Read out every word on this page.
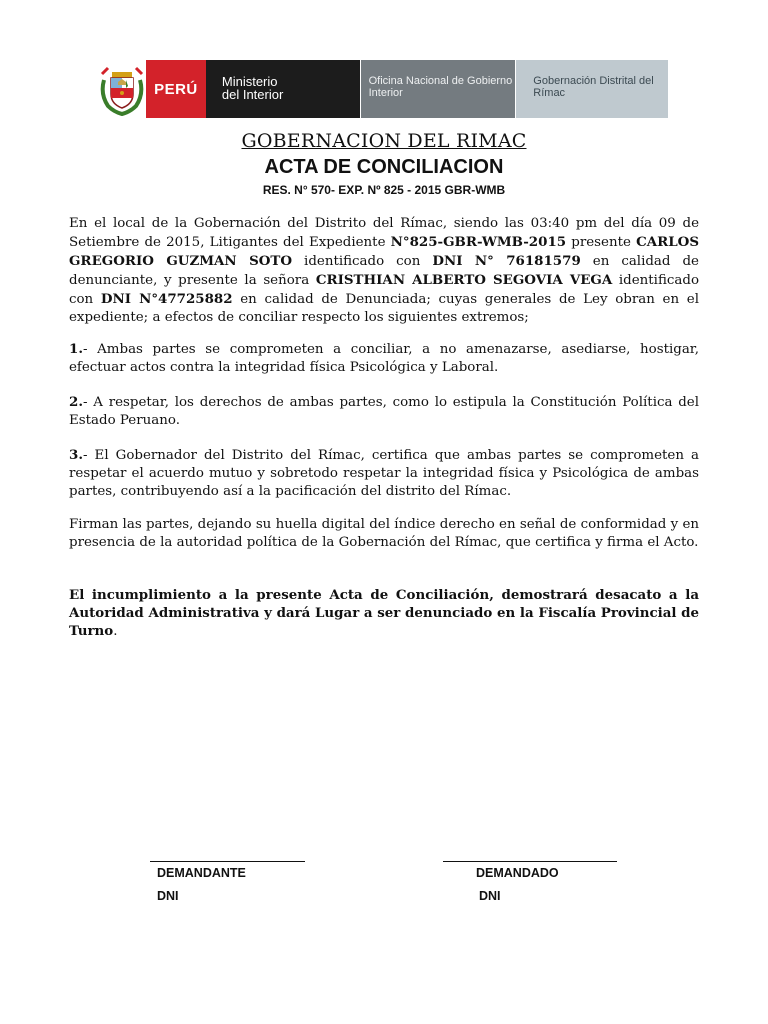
PERÚ	Ministerio
del Interior
Oficina Nacional de Gobierno
Interior
Gobernación Distrital del
Rímac
GOBERNACION DEL RIMAC
ACTA DE CONCILIACION
RES. N° 570- EXP. Nº 825 - 2015 GBR-WMB
En el local de la Gobernación del Distrito del Rímac, siendo las 03:40 pm del día 09 de Setiembre de 2015, Litigantes del Expediente N°825-GBR-WMB-2015 presente CARLOS GREGORIO GUZMAN SOTO identificado con DNI N° 76181579 en calidad de denunciante, y presente la señora CRISTHIAN ALBERTO SEGOVIA VEGA identificado con DNI N°47725882 en calidad de Denunciada; cuyas generales de Ley obran en el expediente; a efectos de conciliar respecto los siguientes extremos;
1.- Ambas partes se comprometen a conciliar, a no amenazarse, asediarse, hostigar, efectuar actos contra la integridad física Psicológica y Laboral.
2.- A respetar, los derechos de ambas partes, como lo estipula la Constitución Política del Estado Peruano.
3.- El Gobernador del Distrito del Rímac, certifica que ambas partes se comprometen a respetar el acuerdo mutuo y sobretodo respetar la integridad física y Psicológica de ambas partes, contribuyendo así a la pacificación del distrito del Rímac.
Firman las partes, dejando su huella digital del índice derecho en señal de conformidad y en presencia de la autoridad política de la Gobernación del Rímac, que certifica y firma el Acto.
El incumplimiento a la presente Acta de Conciliación, demostrará desacato a la Autoridad Administrativa y dará Lugar a ser denunciado en la Fiscalía Provincial de Turno.
DEMANDANTE
DNI
DEMANDADO
DNI
